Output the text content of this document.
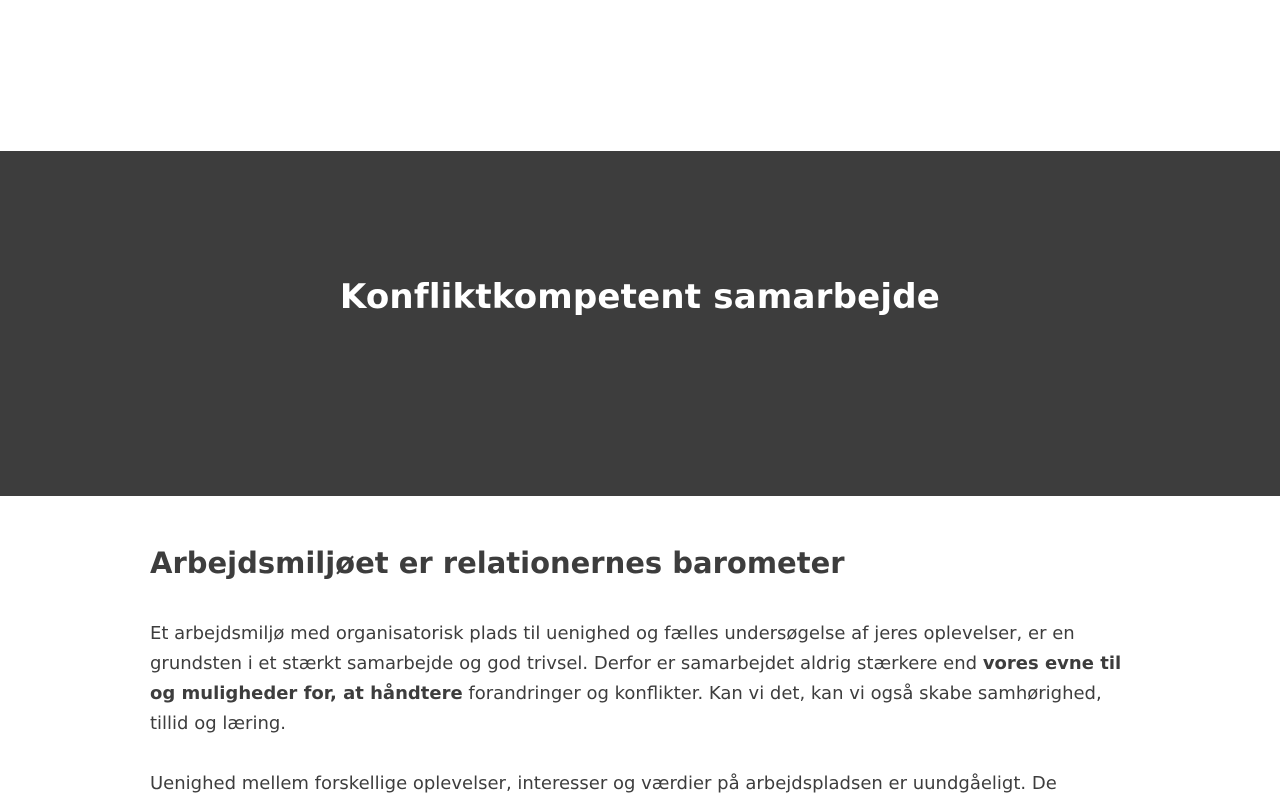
Konfliktkompetent samarbejde
Arbejdsmiljøet er relationernes barometer

Et arbejdsmiljø med organisatorisk plads til uenighed og fælles undersøgelse af jeres oplevelser, er en grundsten i et stærkt samarbejde og god trivsel. Derfor er samarbejdet aldrig stærkere end vores evne til og muligheder for, at håndtere forandringer og konflikter. Kan vi det, kan vi også skabe samhørighed, tillid og læring.

Uenighed mellem forskellige oplevelser, interesser og værdier på arbejdspladsen er uundgåeligt. De
